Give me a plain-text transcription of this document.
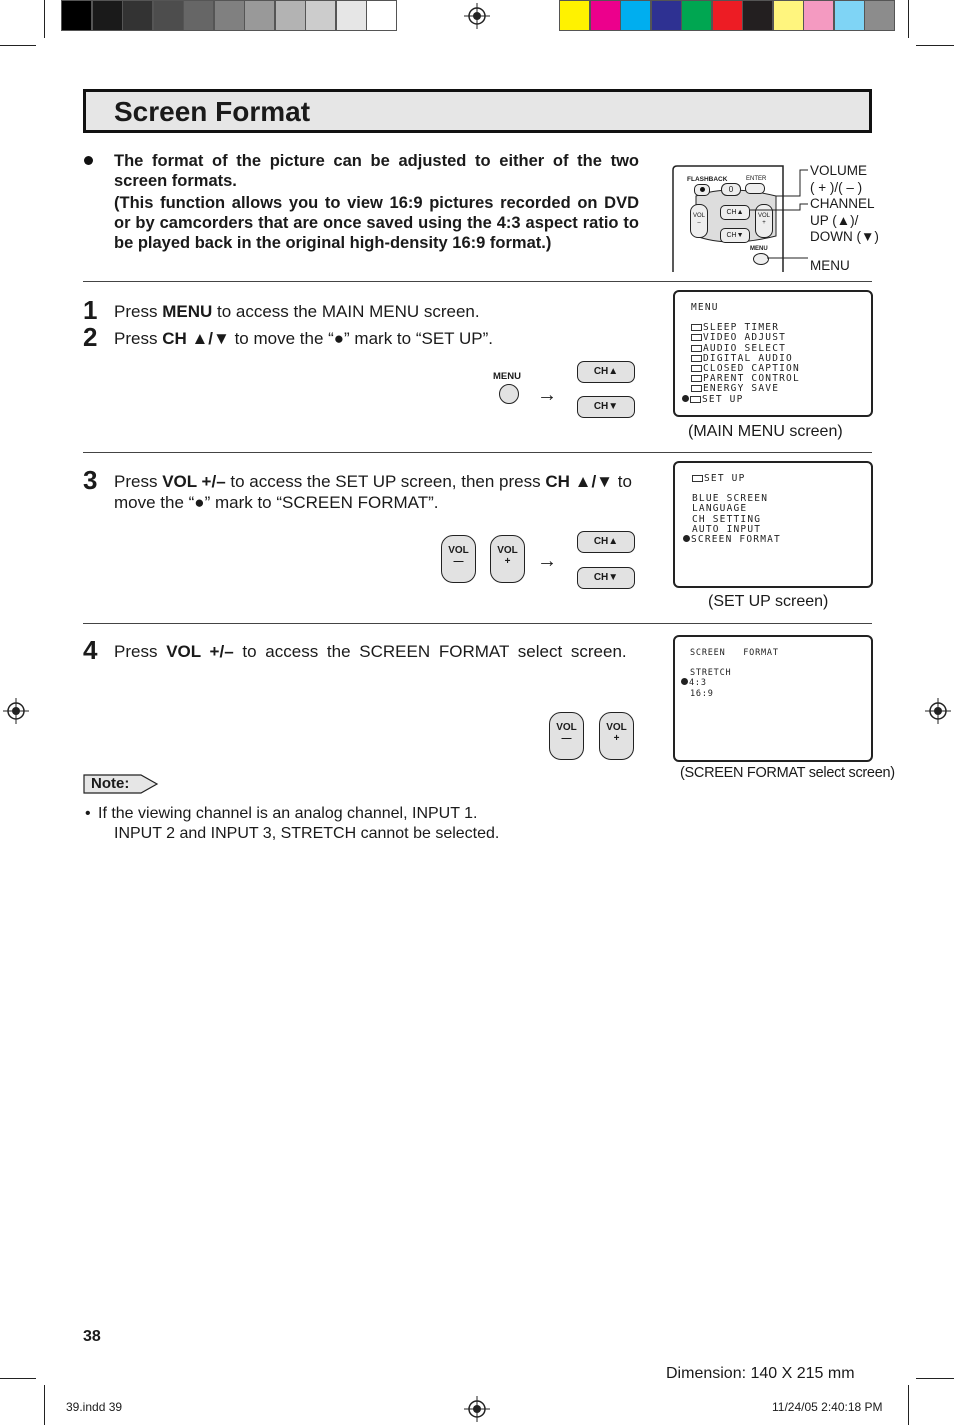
Screen Format
The format of the picture can be adjusted to either of the two screen formats.
(This function allows you to view 16:9 pictures recorded on DVD or by camcorders that are once saved using the 4:3 aspect ratio to be played back in the original high-density 16:9 format.)
FLASHBACK
0
ENTER
VOL
–
VOL
+
CH▲
CH▼
MENU
VOLUME
( + )/( – )
CHANNEL
UP (▲)/
DOWN (▼)
MENU
1 Press MENU to access the MAIN MENU screen.
2 Press CH ▲/▼ to move the “●” mark to “SET UP”.
MENU
→
CH▲
CH▼
MENU
SLEEP TIMER
VIDEO ADJUST
AUDIO SELECT
DIGITAL AUDIO
CLOSED CAPTION
PARENT CONTROL
ENERGY SAVE
SET UP
(MAIN MENU screen)
3 Press VOL +/– to access the SET UP screen, then press CH ▲/▼ to move the “●” mark to “SCREEN FORMAT”.
VOL
—
VOL
+	→
CH▲
CH▼
SET UP
BLUE SCREEN
LANGUAGE
CH SETTING
AUTO INPUT
SCREEN FORMAT
(SET UP screen)
4 Press VOL +/– to access the SCREEN FORMAT select screen.
VOL
—
VOL
+
SCREEN   FORMAT
STRETCH
4:3
16:9
(SCREEN FORMAT select screen)
Note:
• If the viewing channel is an analog channel, INPUT 1.
INPUT 2 and INPUT 3, STRETCH cannot be selected.
38
Dimension: 140 X 215 mm
39.indd 39	11/24/05 2:40:18 PM
